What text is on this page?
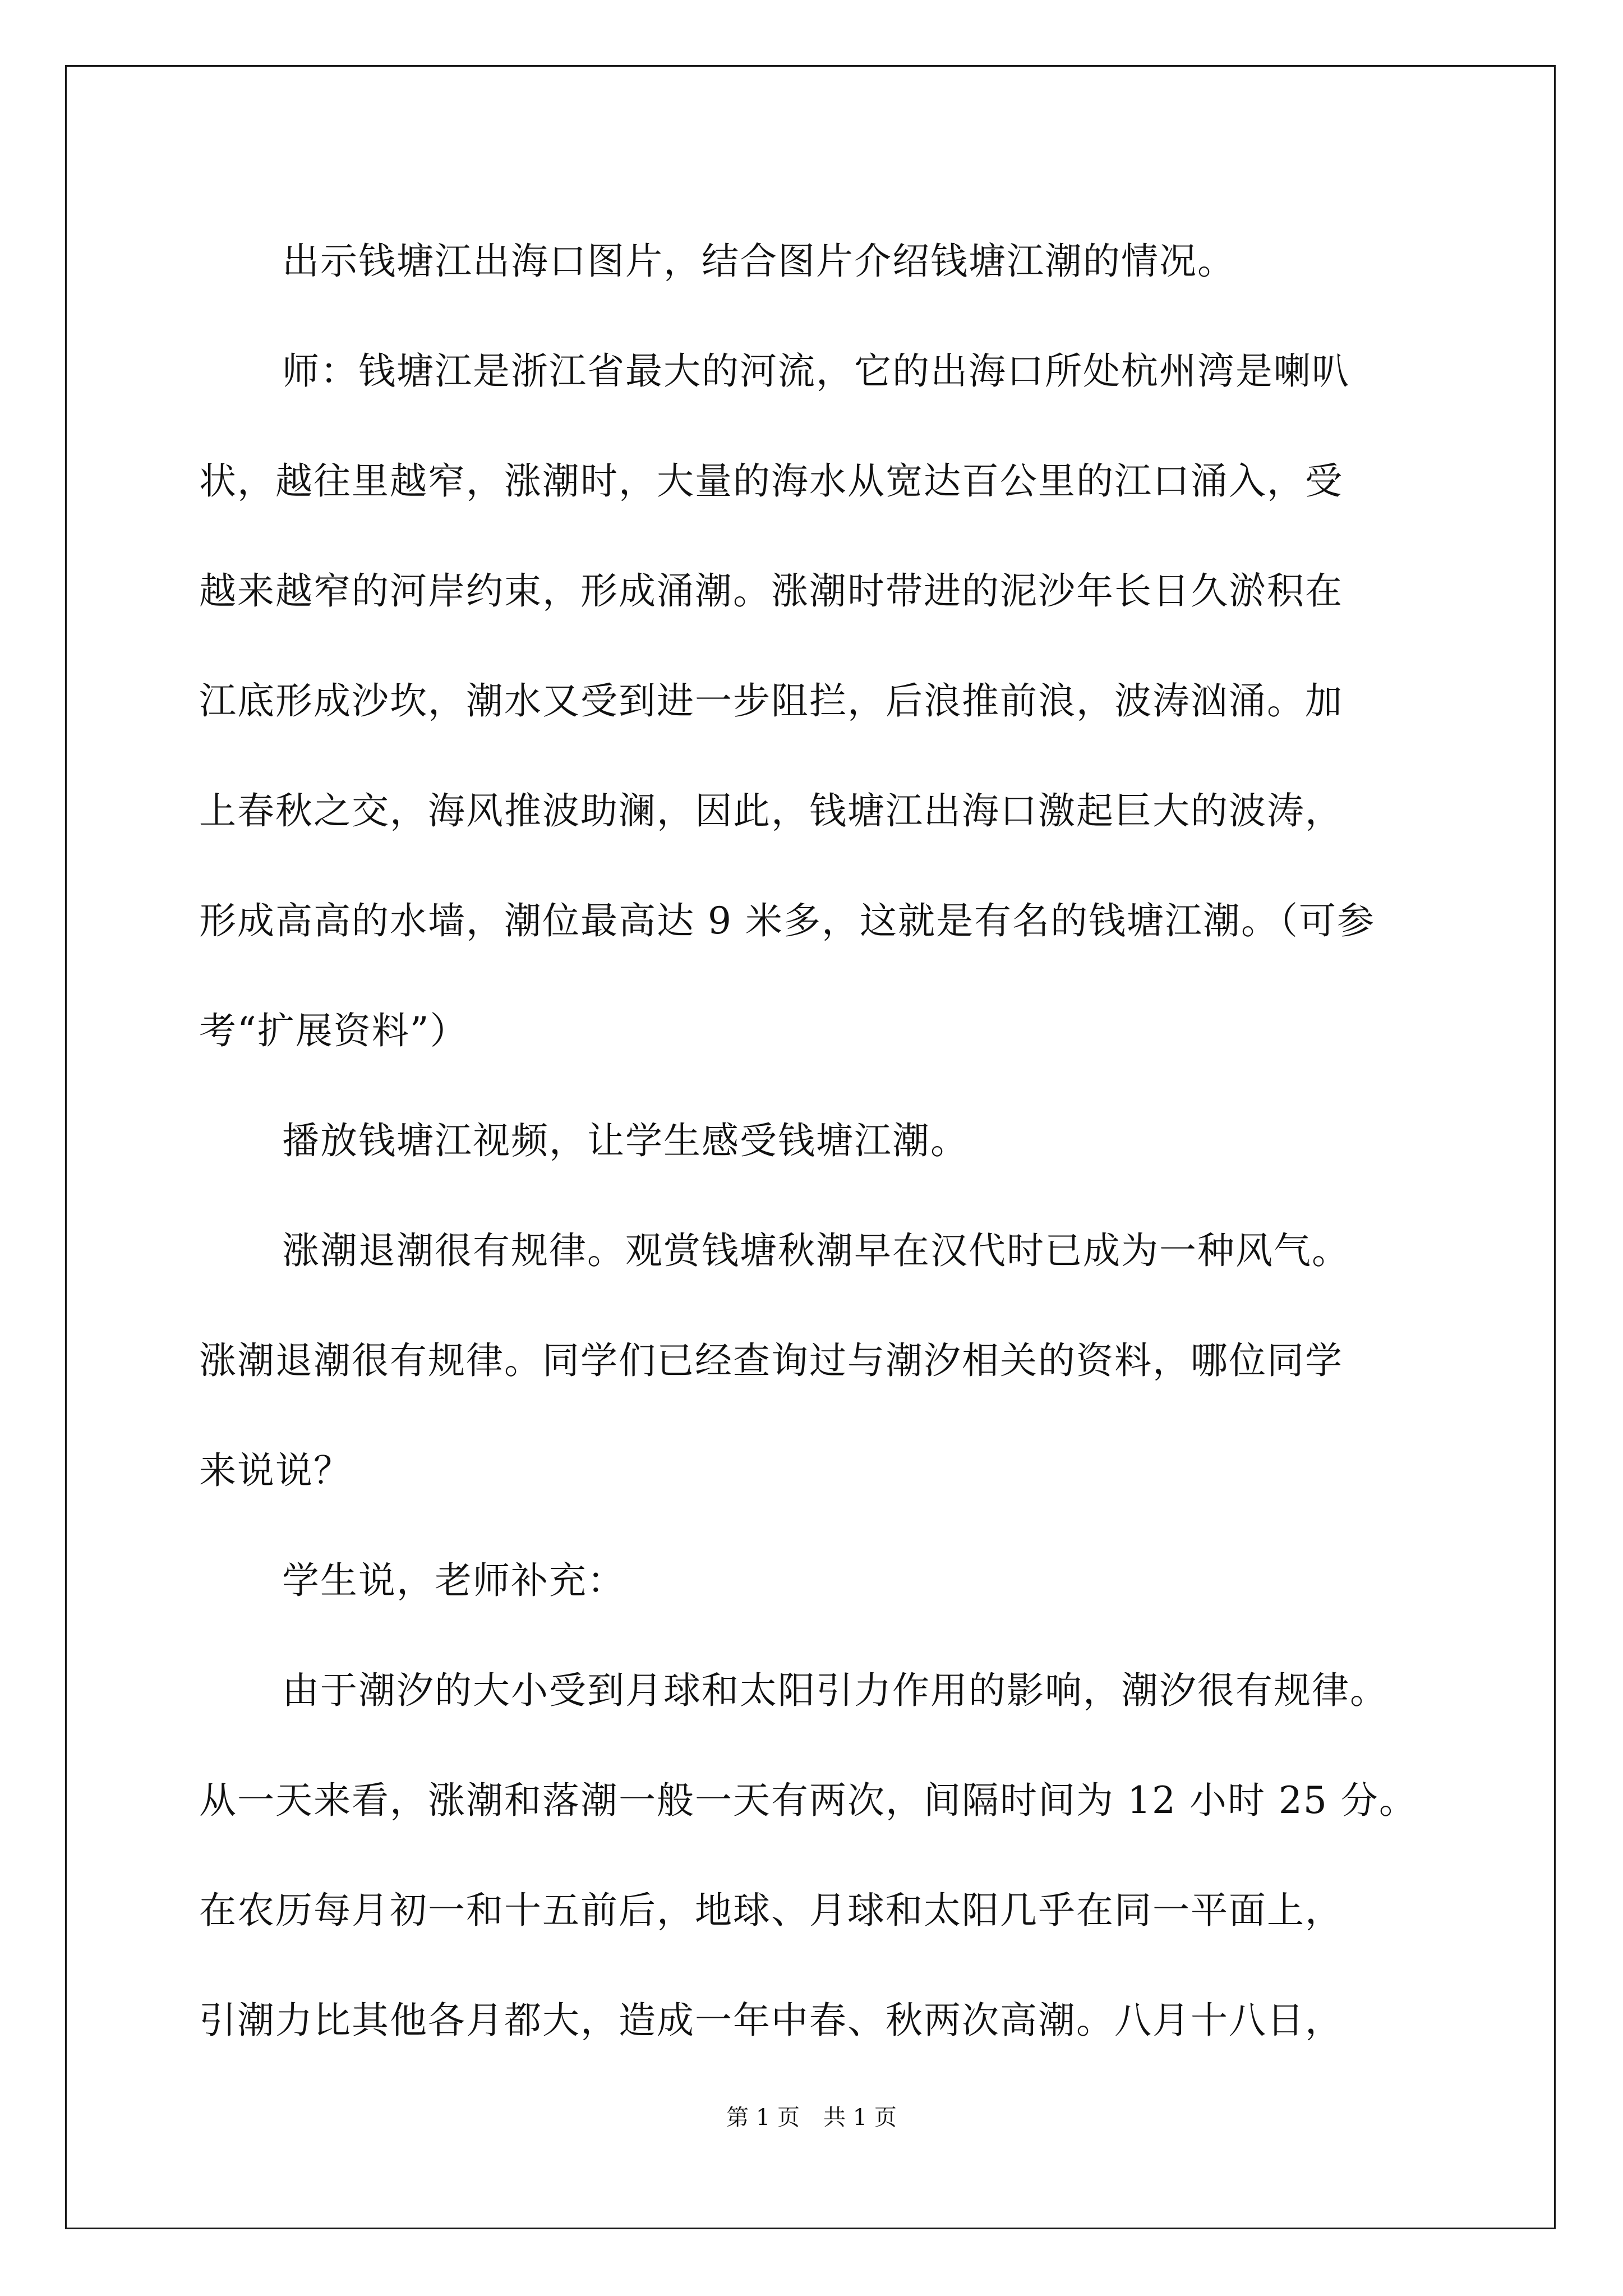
出示钱塘江出海口图片，结合图片介绍钱塘江潮的情况。
师：钱塘江是浙江省最大的河流，它的出海口所处杭州湾是喇叭
状，越往里越窄，涨潮时，大量的海水从宽达百公里的江口涌入，受
越来越窄的河岸约束，形成涌潮。涨潮时带进的泥沙年长日久淤积在
江底形成沙坎，潮水又受到进一步阻拦，后浪推前浪，波涛汹涌。加
上春秋之交，海风推波助澜，因此，钱塘江出海口激起巨大的波涛，
形成高高的水墙，潮位最高达 9 米多，这就是有名的钱塘江潮。（可参
考“扩展资料”）
播放钱塘江视频，让学生感受钱塘江潮。
涨潮退潮很有规律。观赏钱塘秋潮早在汉代时已成为一种风气。
涨潮退潮很有规律。同学们已经查询过与潮汐相关的资料，哪位同学
来说说？
学生说，老师补充：
由于潮汐的大小受到月球和太阳引力作用的影响，潮汐很有规律。
从一天来看，涨潮和落潮一般一天有两次，间隔时间为 12 小时 25 分。
在农历每月初一和十五前后，地球、月球和太阳几乎在同一平面上，
引潮力比其他各月都大，造成一年中春、秋两次高潮。八月十八日，
第 1 页 共 1 页
